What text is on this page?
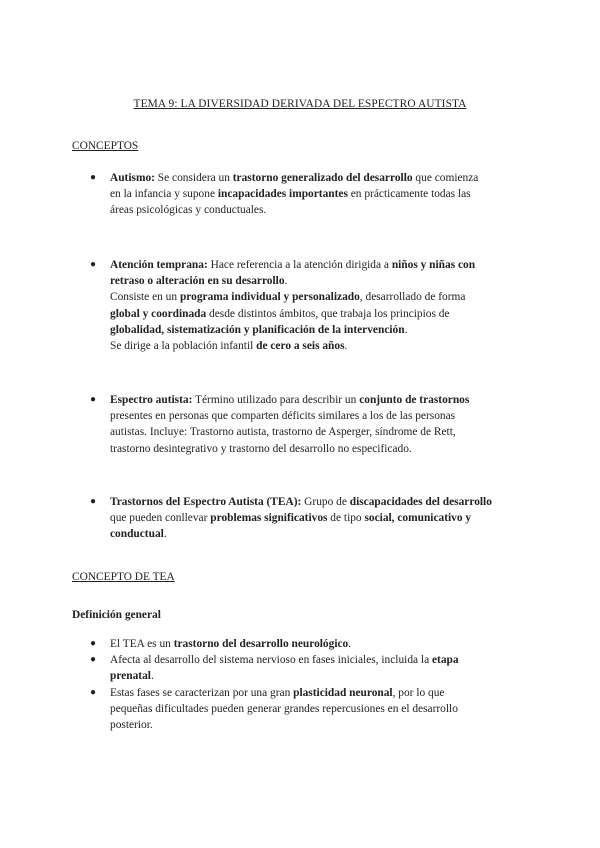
TEMA 9: LA DIVERSIDAD DERIVADA DEL ESPECTRO AUTISTA
CONCEPTOS
● Autismo: Se considera un trastorno generalizado del desarrollo que comienza
en la infancia y supone incapacidades importantes en prácticamente todas las
áreas psicológicas y conductuales.
● Atención temprana: Hace referencia a la atención dirigida a niños y niñas con
retraso o alteración en su desarrollo.
Consiste en un programa individual y personalizado, desarrollado de forma
global y coordinada desde distintos ámbitos, que trabaja los principios de
globalidad, sistematización y planificación de la intervención.
Se dirige a la población infantil de cero a seis años.
● Espectro autista: Término utilizado para describir un conjunto de trastornos
presentes en personas que comparten déficits similares a los de las personas
autistas. Incluye: Trastorno autista, trastorno de Asperger, síndrome de Rett,
trastorno desintegrativo y trastorno del desarrollo no especificado.
● Trastornos del Espectro Autista (TEA): Grupo de discapacidades del desarrollo
que pueden conllevar problemas significativos de tipo social, comunicativo y
conductual.
CONCEPTO DE TEA
Definición general
● El TEA es un trastorno del desarrollo neurológico.
● Afecta al desarrollo del sistema nervioso en fases iniciales, incluida la etapa
prenatal.
● Estas fases se caracterizan por una gran plasticidad neuronal, por lo que
pequeñas dificultades pueden generar grandes repercusiones en el desarrollo
posterior.
